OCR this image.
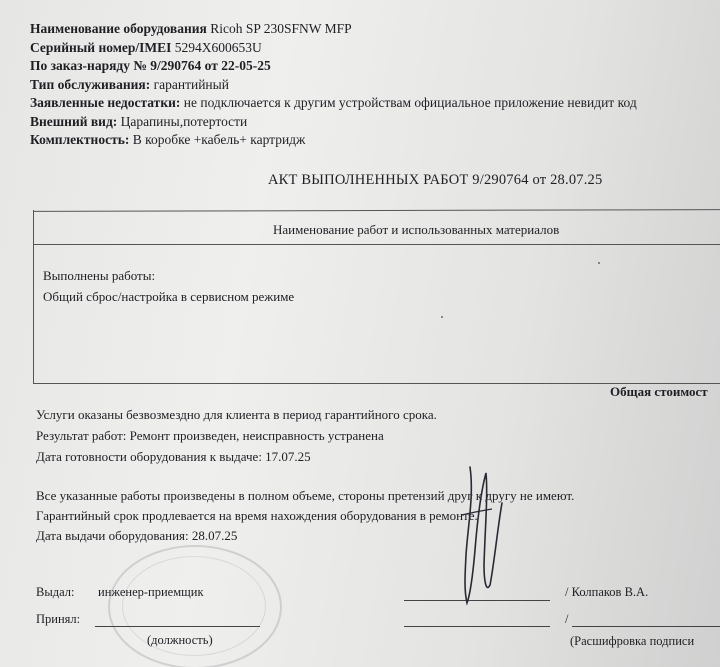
Наименование оборудования Ricoh SP 230SFNW MFP
Серийный номер/IMEI 5294X600653U
По заказ-наряду № 9/290764 от 22-05-25
Тип обслуживания: гарантийный
Заявленные недостатки: не подключается к другим устройствам официальное приложение невидит код
Внешний вид: Царапины,потертости
Комплектность: В коробке +кабель+ картридж
АКТ ВЫПОЛНЕННЫХ РАБОТ 9/290764 от 28.07.25
Наименование работ и использованных материалов
Выполнены работы:
Общий сброс/настройка в сервисном режиме
Общая стоимост
Услуги оказаны безвозмездно для клиента в период гарантийного срока.
Результат работ: Ремонт произведен, неисправность устранена
Дата готовности оборудования к выдаче: 17.07.25
Все указанные работы произведены в полном объеме, стороны претензий друг к другу не имеют.
Гарантийный срок продлевается на время нахождения оборудования в ремонте.
Дата выдачи оборудования: 28.07.25
Выдал: инженер-приемщик	/ Колпаков В.А.
Принял:	/
(должность)	(Расшифровка подписи
